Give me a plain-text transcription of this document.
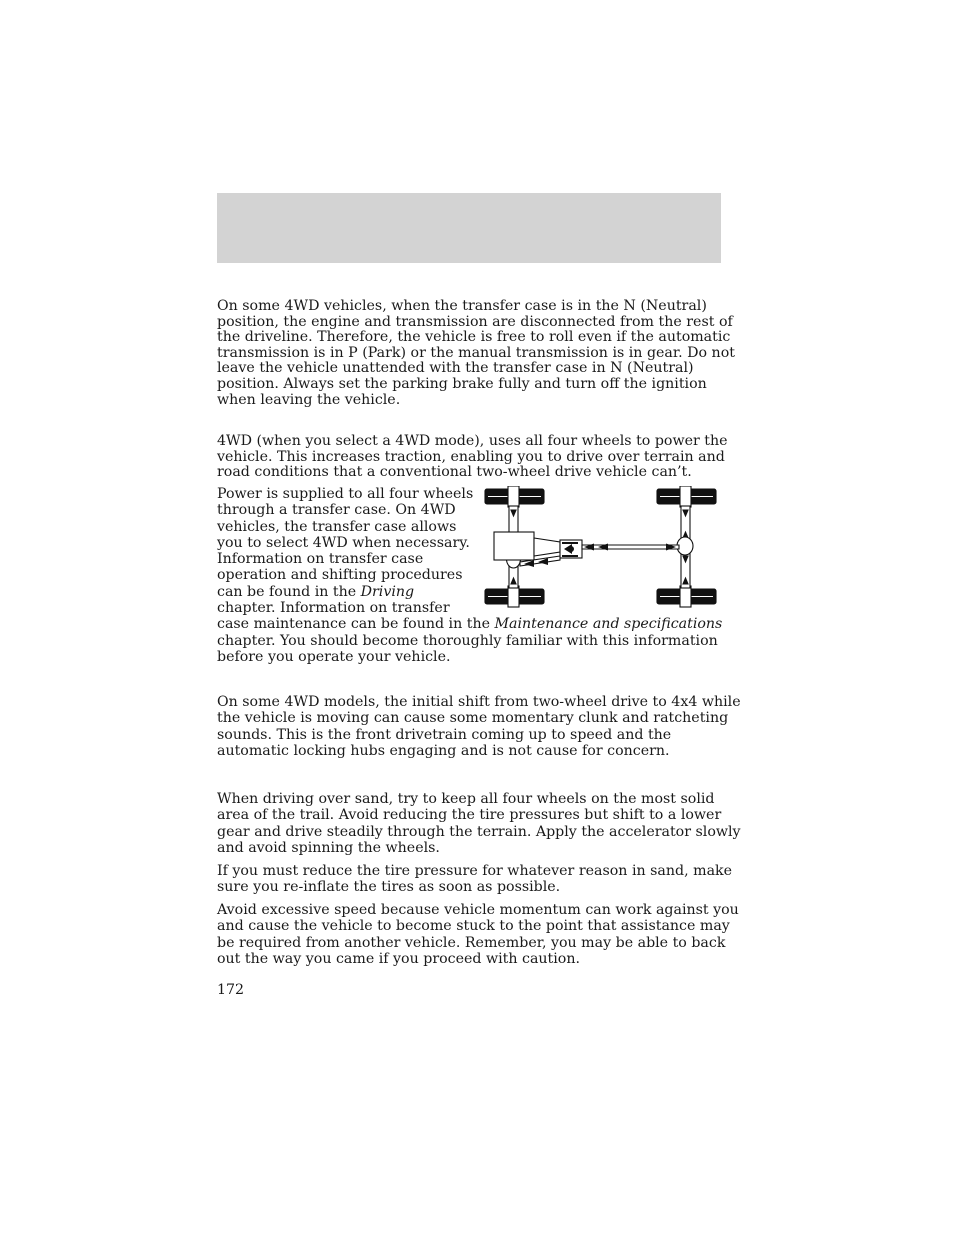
On some 4WD vehicles, when the transfer case is in the N (Neutral)
position, the engine and transmission are disconnected from the rest of
the driveline. Therefore, the vehicle is free to roll even if the automatic
transmission is in P (Park) or the manual transmission is in gear. Do not
leave the vehicle unattended with the transfer case in N (Neutral)
position. Always set the parking brake fully and turn off the ignition
when leaving the vehicle.

4WD (when you select a 4WD mode), uses all four wheels to power the
vehicle. This increases traction, enabling you to drive over terrain and
road conditions that a conventional two-wheel drive vehicle can’t.

Power is supplied to all four wheels
through a transfer case. On 4WD
vehicles, the transfer case allows
you to select 4WD when necessary.
Information on transfer case
operation and shifting procedures
can be found in the Driving
chapter. Information on transfer
case maintenance can be found in the Maintenance and specifications
chapter. You should become thoroughly familiar with this information
before you operate your vehicle.

On some 4WD models, the initial shift from two-wheel drive to 4x4 while
the vehicle is moving can cause some momentary clunk and ratcheting
sounds. This is the front drivetrain coming up to speed and the
automatic locking hubs engaging and is not cause for concern.

When driving over sand, try to keep all four wheels on the most solid
area of the trail. Avoid reducing the tire pressures but shift to a lower
gear and drive steadily through the terrain. Apply the accelerator slowly
and avoid spinning the wheels.

If you must reduce the tire pressure for whatever reason in sand, make
sure you re-inflate the tires as soon as possible.

Avoid excessive speed because vehicle momentum can work against you
and cause the vehicle to become stuck to the point that assistance may
be required from another vehicle. Remember, you may be able to back
out the way you came if you proceed with caution.

172
